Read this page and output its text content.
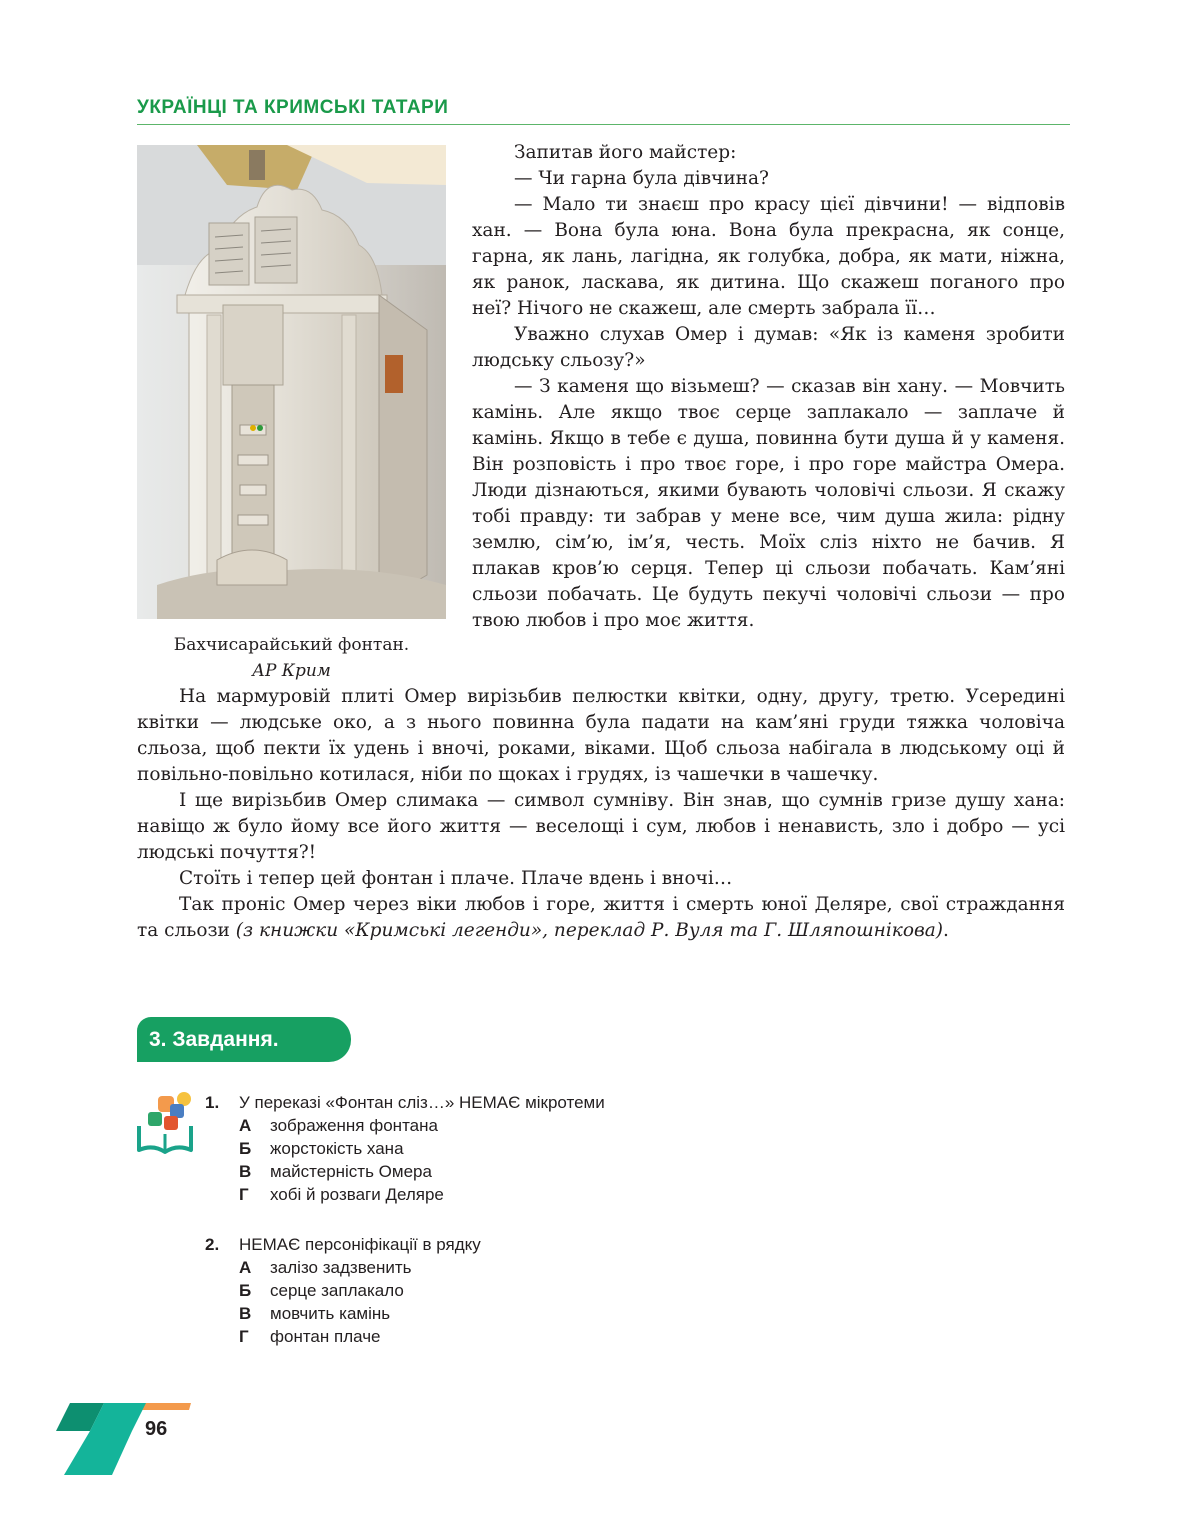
УКРАЇНЦІ ТА КРИМСЬКІ ТАТАРИ
Бахчисарайський фонтан.
АР Крим

Запитав його майстер:

— Чи гарна була дівчина?

— Мало ти знаєш про красу цієї дівчини! — відповів хан. — Вона була юна. Вона була прекрасна, як сонце, гарна, як лань, лагідна, як голубка, добра, як мати, ніжна, як ранок, ласкава, як дитина. Що скажеш поганого про неї? Нічого не скажеш, але смерть забрала її…

Уважно слухав Омер і думав: «Як із каменя зробити людську сльозу?»

— З каменя що візьмеш? — сказав він хану. — Мовчить камінь. Але якщо твоє серце заплакало — заплаче й камінь. Якщо в тебе є душа, повинна бути душа й у каменя. Він розповість і про твоє горе, і про горе майстра Омера. Люди дізнаються, якими бувають чоловічі сльози. Я скажу тобі правду: ти забрав у мене все, чим душа жила: рідну землю, сім’ю, ім’я, честь. Моїх сліз ніхто не бачив. Я плакав кров’ю серця. Тепер ці сльози побачать. Кам’яні сльози побачать. Це будуть пекучі чоловічі сльози — про твою любов і про моє життя.

На мармуровій плиті Омер вирізьбив пелюстки квітки, одну, другу, третю. Усередині квітки — людське око, а з нього повинна була падати на кам’яні груди тяжка чоловіча сльоза, щоб пекти їх удень і вночі, роками, віками. Щоб сльоза набігала в людському оці й повільно-повільно котилася, ніби по щоках і грудях, із чашечки в чашечку.

І ще вирізьбив Омер слимака — символ сумніву. Він знав, що сумнів гризе душу хана: навіщо ж було йому все його життя — веселощі і сум, любов і ненависть, зло і добро — усі людські почуття?!

Стоїть і тепер цей фонтан і плаче. Плаче вдень і вночі…

Так проніс Омер через віки любов і горе, життя і смерть юної Деляре, свої страждання та сльози (з книжки «Кримські легенди», переклад Р. Вуля та Г. Шляпошнікова).

3. Завдання.
1. У переказі «Фонтан сліз…» НЕМАЄ мікротеми
А зображення фонтана
Б жорстокість хана
В майстерність Омера
Г хобі й розваги Деляре
2. НЕМАЄ персоніфікації в рядку
А залізо задзвенить
Б серце заплакало
В мовчить камінь
Г фонтан плаче
96
